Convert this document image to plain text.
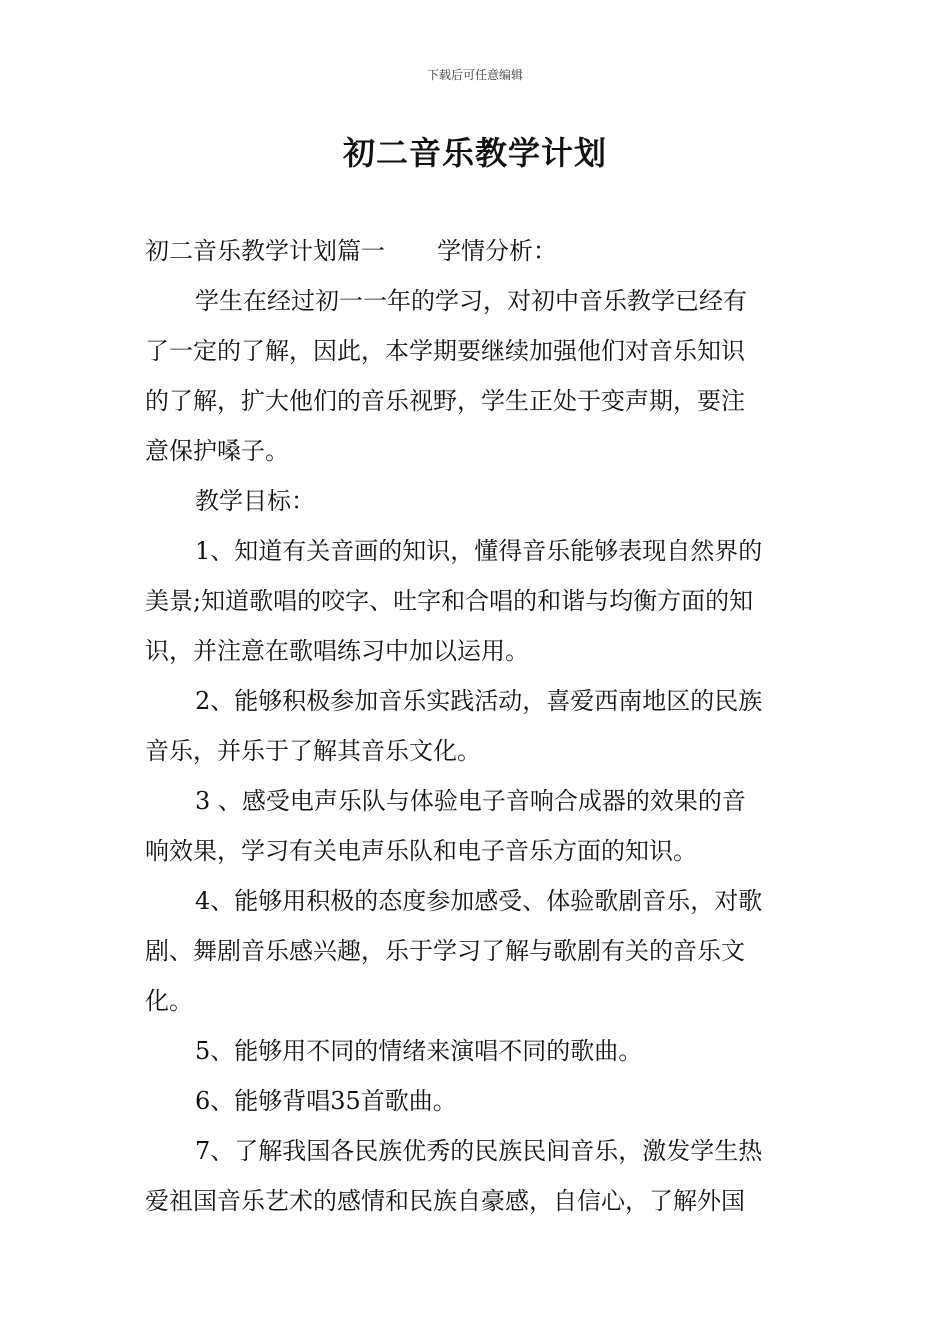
下载后可任意编辑
初二音乐教学计划
初二音乐教学计划篇一 学情分析：
学生在经过初一一年的学习，对初中音乐教学已经有
了一定的了解，因此，本学期要继续加强他们对音乐知识
的了解，扩大他们的音乐视野，学生正处于变声期，要注
意保护嗓子。
教学目标：
1、知道有关音画的知识，懂得音乐能够表现自然界的
美景;知道歌唱的咬字、吐字和合唱的和谐与均衡方面的知
识，并注意在歌唱练习中加以运用。
2、能够积极参加音乐实践活动，喜爱西南地区的民族
音乐，并乐于了解其音乐文化。
3 、感受电声乐队与体验电子音响合成器的效果的音
响效果，学习有关电声乐队和电子音乐方面的知识。
4、能够用积极的态度参加感受、体验歌剧音乐，对歌
剧、舞剧音乐感兴趣，乐于学习了解与歌剧有关的音乐文
化。
5、能够用不同的情绪来演唱不同的歌曲。
6、能够背唱35首歌曲。
7、了解我国各民族优秀的民族民间音乐，激发学生热
爱祖国音乐艺术的感情和民族自豪感，自信心，了解外国
